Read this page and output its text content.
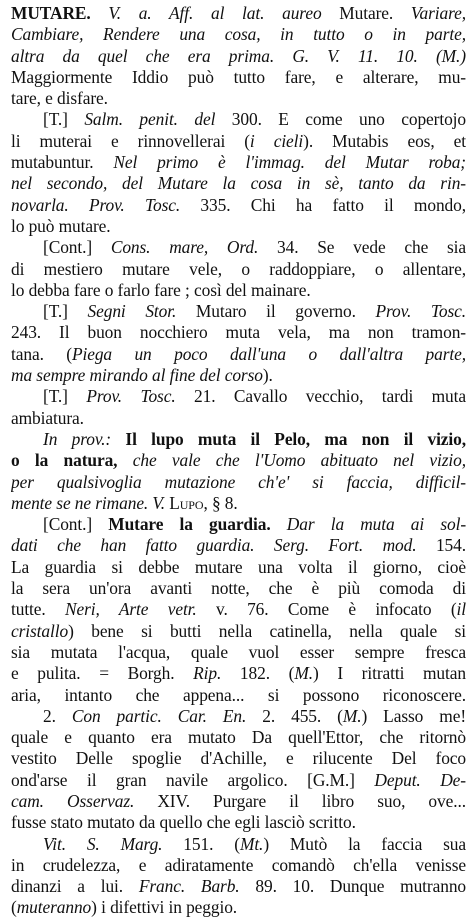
MUTARE. V. a. Aff. al lat. aureo Mutare. Variare,
Cambiare, Rendere una cosa, in tutto o in parte,
altra da quel che era prima. G. V. 11. 10. (M.)
Maggiormente Iddio può tutto fare, e alterare, mu-
tare, e disfare.
[T.] Salm. penit. del 300. E come uno copertojo
li muterai e rinnovellerai (i cieli). Mutabis eos, et
mutabuntur. Nel primo è l'immag. del Mutar roba;
nel secondo, del Mutare la cosa in sè, tanto da rin-
novarla. Prov. Tosc. 335. Chi ha fatto il mondo,
lo può mutare.
[Cont.] Cons. mare, Ord. 34. Se vede che sia
di mestiero mutare vele, o raddoppiare, o allentare,
lo debba fare o farlo fare ; così del mainare.
[T.] Segni Stor. Mutaro il governo. Prov. Tosc.
243. Il buon nocchiero muta vela, ma non tramon-
tana. (Piega un poco dall'una o dall'altra parte,
ma sempre mirando al fine del corso).
[T.] Prov. Tosc. 21. Cavallo vecchio, tardi muta
ambiatura.
In prov.: Il lupo muta il Pelo, ma non il vizio,
o la natura, che vale che l'Uomo abituato nel vizio,
per qualsivoglia mutazione ch'e' si faccia, difficil-
mente se ne rimane. V. Lupo, § 8.
[Cont.] Mutare la guardia. Dar la muta ai sol-
dati che han fatto guardia. Serg. Fort. mod. 154.
La guardia si debbe mutare una volta il giorno, cioè
la sera un'ora avanti notte, che è più comoda di
tutte. Neri, Arte vetr. v. 76. Come è infocato (il
cristallo) bene si butti nella catinella, nella quale si
sia mutata l'acqua, quale vuol esser sempre fresca
e pulita. = Borgh. Rip. 182. (M.) I ritratti mutan
aria, intanto che appena... si possono riconoscere.
2. Con partic. Car. En. 2. 455. (M.) Lasso me!
quale e quanto era mutato Da quell'Ettor, che ritornò
vestito Delle spoglie d'Achille, e rilucente Del foco
ond'arse il gran navile argolico. [G.M.] Deput. De-
cam. Osservaz. XIV. Purgare il libro suo, ove...
fusse stato mutato da quello che egli lasciò scritto.
Vit. S. Marg. 151. (Mt.) Mutò la faccia sua
in crudelezza, e adiratamente comandò ch'ella venisse
dinanzi a lui. Franc. Barb. 89. 10. Dunque mutranno
(muteranno) i difettivi in peggio.
